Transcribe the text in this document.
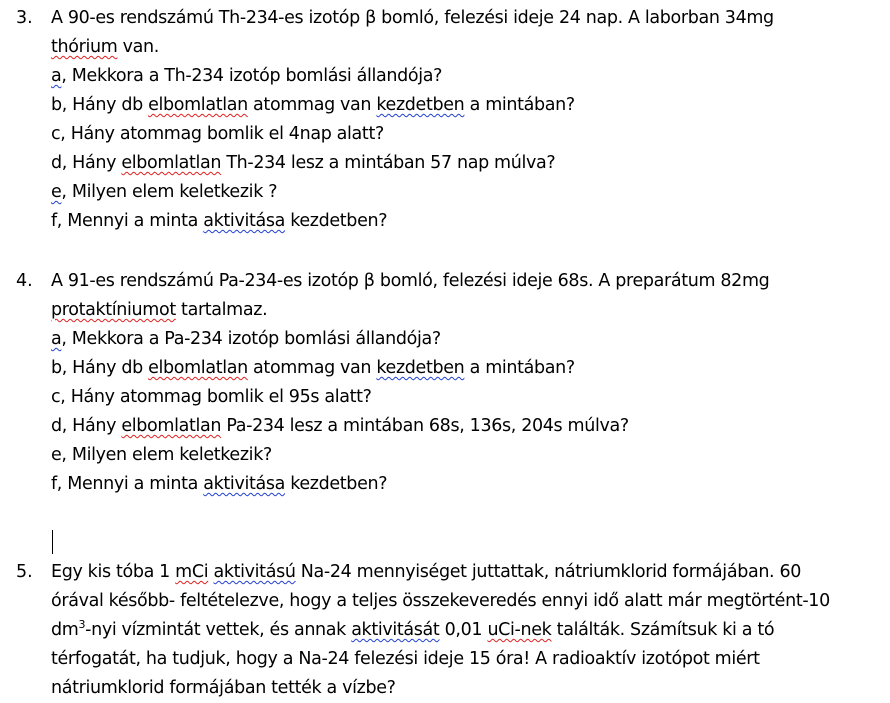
3. A 90-es rendszámú Th-234-es izotóp β bomló, felezési ideje 24 nap. A laborban 34mg
thórium van.
a, Mekkora a Th-234 izotóp bomlási állandója?
b, Hány db elbomlatlan atommag van kezdetben a mintában?
c, Hány atommag bomlik el 4nap alatt?
d, Hány elbomlatlan Th-234 lesz a mintában 57 nap múlva?
e, Milyen elem keletkezik ?
f, Mennyi a minta aktivitása kezdetben?
4. A 91-es rendszámú Pa-234-es izotóp β bomló, felezési ideje 68s. A preparátum 82mg
protaktíniumot tartalmaz.
a, Mekkora a Pa-234 izotóp bomlási állandója?
b, Hány db elbomlatlan atommag van kezdetben a mintában?
c, Hány atommag bomlik el 95s alatt?
d, Hány elbomlatlan Pa-234 lesz a mintában 68s, 136s, 204s múlva?
e, Milyen elem keletkezik?
f, Mennyi a minta aktivitása kezdetben?
5. Egy kis tóba 1 mCi aktivitású Na-24 mennyiséget juttattak, nátriumklorid formájában. 60
órával később- feltételezve, hogy a teljes összekeveredés ennyi idő alatt már megtörtént-10
$dm^3$-nyi vízmintát vettek, és annak aktivitását 0,01 uCi-nek találták. Számítsuk ki a tó
térfogatát, ha tudjuk, hogy a Na-24 felezési ideje 15 óra! A radioaktív izotópot miért
nátriumklorid formájában tették a vízbe?
